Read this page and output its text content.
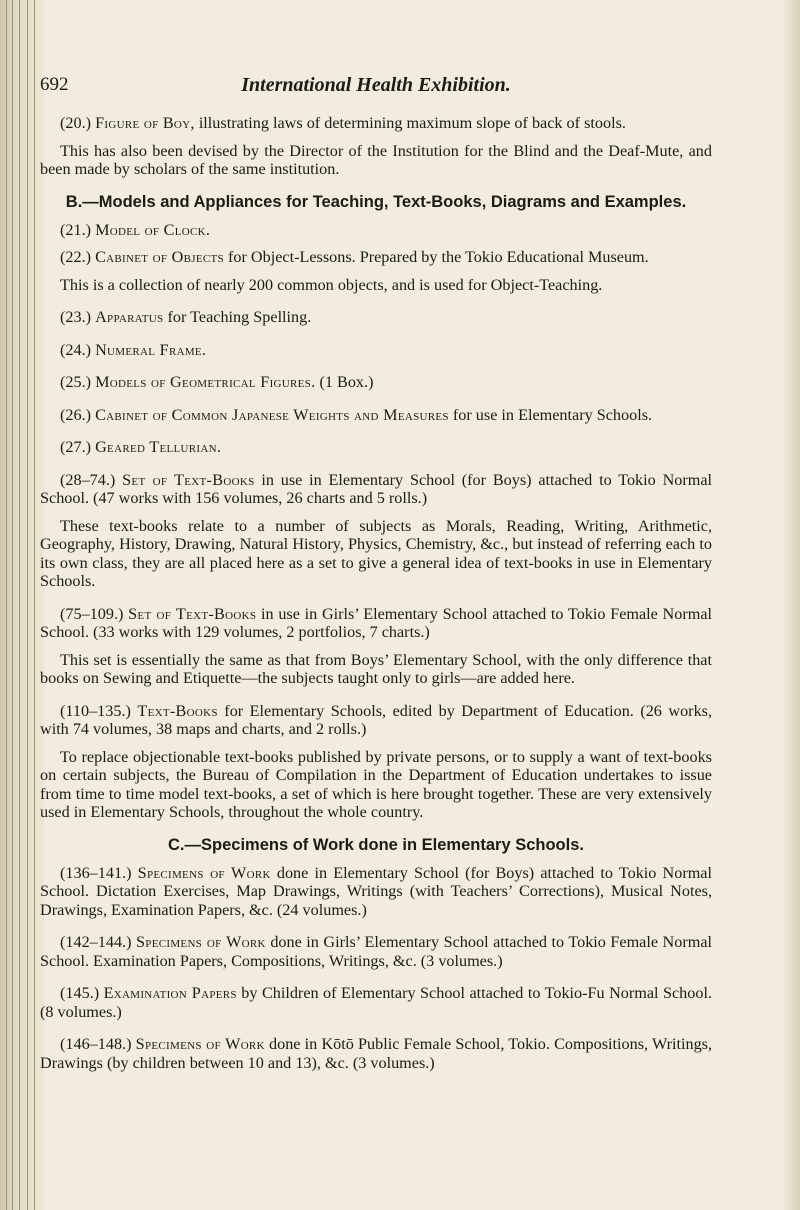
692	International Health Exhibition.

(20.) Figure of Boy, illustrating laws of determining maximum slope of back of stools.

This has also been devised by the Director of the Institution for the Blind and the Deaf-Mute, and been made by scholars of the same institution.

B.—Models and Appliances for Teaching, Text-Books, Diagrams and Examples.

(21.) Model of Clock.

(22.) Cabinet of Objects for Object-Lessons. Prepared by the Tokio Educational Museum.

This is a collection of nearly 200 common objects, and is used for Object-Teaching.

(23.) Apparatus for Teaching Spelling.

(24.) Numeral Frame.

(25.) Models of Geometrical Figures. (1 Box.)

(26.) Cabinet of Common Japanese Weights and Measures for use in Elementary Schools.

(27.) Geared Tellurian.

(28–74.) Set of Text-Books in use in Elementary School (for Boys) attached to Tokio Normal School. (47 works with 156 volumes, 26 charts and 5 rolls.)

These text-books relate to a number of subjects as Morals, Reading, Writing, Arithmetic, Geography, History, Drawing, Natural History, Physics, Chemistry, &c., but instead of referring each to its own class, they are all placed here as a set to give a general idea of text-books in use in Elementary Schools.

(75–109.) Set of Text-Books in use in Girls’ Elementary School attached to Tokio Female Normal School. (33 works with 129 volumes, 2 portfolios, 7 charts.)

This set is essentially the same as that from Boys’ Elementary School, with the only difference that books on Sewing and Etiquette—the subjects taught only to girls—are added here.

(110–135.) Text-Books for Elementary Schools, edited by Department of Education. (26 works, with 74 volumes, 38 maps and charts, and 2 rolls.)

To replace objectionable text-books published by private persons, or to supply a want of text-books on certain subjects, the Bureau of Compilation in the Department of Education undertakes to issue from time to time model text-books, a set of which is here brought together. These are very extensively used in Elementary Schools, throughout the whole country.

C.—Specimens of Work done in Elementary Schools.

(136–141.) Specimens of Work done in Elementary School (for Boys) attached to Tokio Normal School. Dictation Exercises, Map Drawings, Writings (with Teachers’ Corrections), Musical Notes, Drawings, Examination Papers, &c. (24 volumes.)

(142–144.) Specimens of Work done in Girls’ Elementary School attached to Tokio Female Normal School. Examination Papers, Compositions, Writings, &c. (3 volumes.)

(145.) Examination Papers by Children of Elementary School attached to Tokio-Fu Normal School. (8 volumes.)

(146–148.) Specimens of Work done in Kōtō Public Female School, Tokio. Compositions, Writings, Drawings (by children between 10 and 13), &c. (3 volumes.)
